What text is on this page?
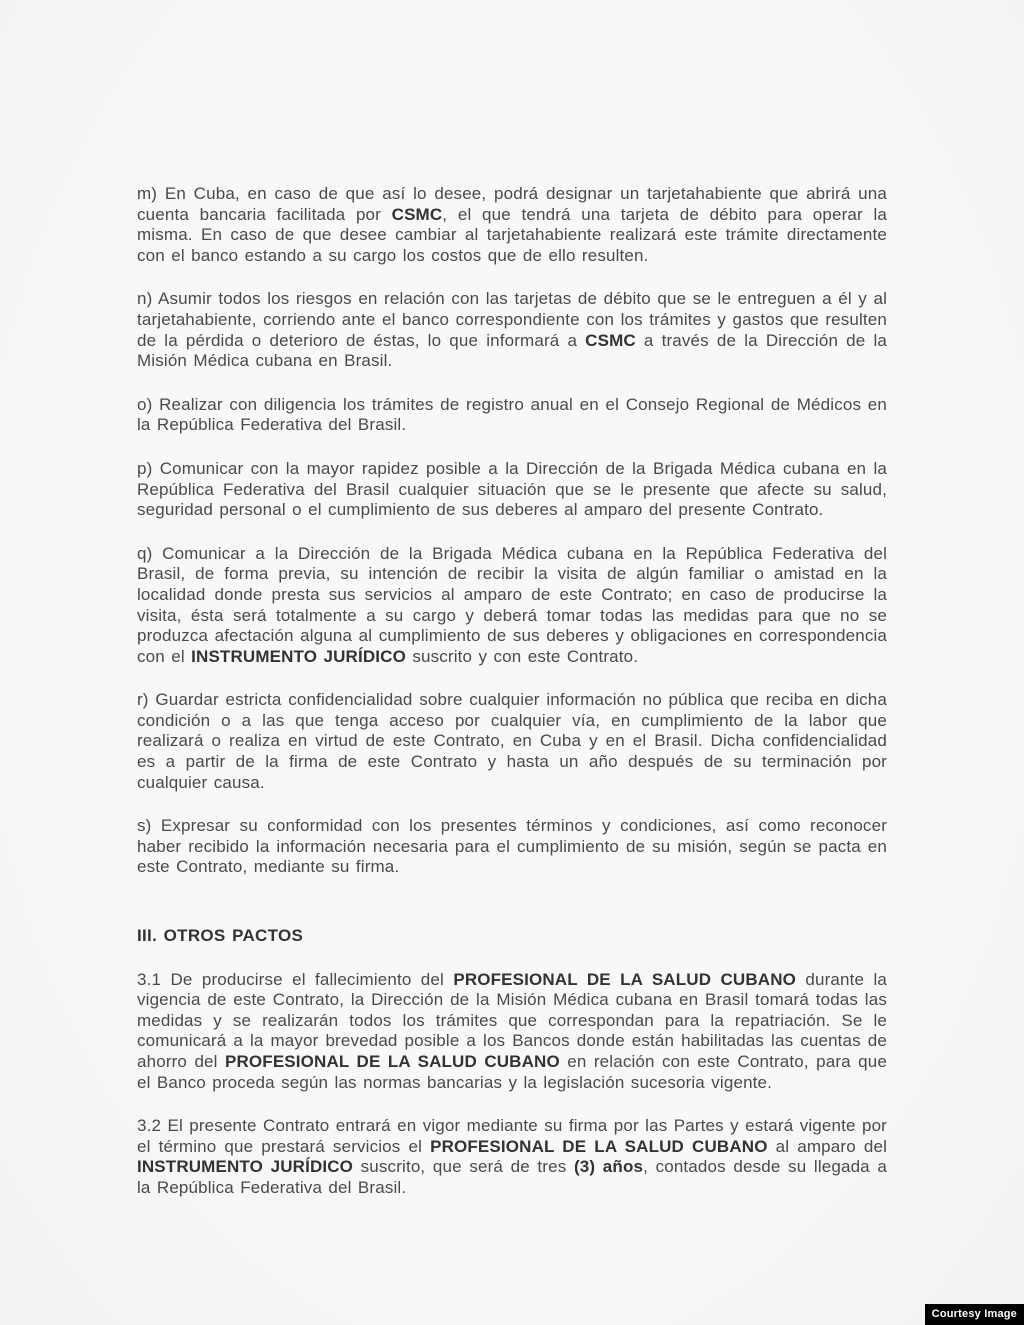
m) En Cuba, en caso de que así lo desee, podrá designar un tarjetahabiente que abrirá una cuenta bancaria facilitada por CSMC, el que tendrá una tarjeta de débito para operar la misma. En caso de que desee cambiar al tarjetahabiente realizará este trámite directamente con el banco estando a su cargo los costos que de ello resulten.
n) Asumir todos los riesgos en relación con las tarjetas de débito que se le entreguen a él y al tarjetahabiente, corriendo ante el banco correspondiente con los trámites y gastos que resulten de la pérdida o deterioro de éstas, lo que informará a CSMC a través de la Dirección de la Misión Médica cubana en Brasil.
o) Realizar con diligencia los trámites de registro anual en el Consejo Regional de Médicos en la República Federativa del Brasil.
p) Comunicar con la mayor rapidez posible a la Dirección de la Brigada Médica cubana en la República Federativa del Brasil cualquier situación que se le presente que afecte su salud, seguridad personal o el cumplimiento de sus deberes al amparo del presente Contrato.
q) Comunicar a la Dirección de la Brigada Médica cubana en la República Federativa del Brasil, de forma previa, su intención de recibir la visita de algún familiar o amistad en la localidad donde presta sus servicios al amparo de este Contrato; en caso de producirse la visita, ésta será totalmente a su cargo y deberá tomar todas las medidas para que no se produzca afectación alguna al cumplimiento de sus deberes y obligaciones en correspondencia con el INSTRUMENTO JURÍDICO suscrito y con este Contrato.
r) Guardar estricta confidencialidad sobre cualquier información no pública que reciba en dicha condición o a las que tenga acceso por cualquier vía, en cumplimiento de la labor que realizará o realiza en virtud de este Contrato, en Cuba y en el Brasil. Dicha confidencialidad es a partir de la firma de este Contrato y hasta un año después de su terminación por cualquier causa.
s) Expresar su conformidad con los presentes términos y condiciones, así como reconocer haber recibido la información necesaria para el cumplimiento de su misión, según se pacta en este Contrato, mediante su firma.
III. OTROS PACTOS
3.1 De producirse el fallecimiento del PROFESIONAL DE LA SALUD CUBANO durante la vigencia de este Contrato, la Dirección de la Misión Médica cubana en Brasil tomará todas las medidas y se realizarán todos los trámites que correspondan para la repatriación. Se le comunicará a la mayor brevedad posible a los Bancos donde están habilitadas las cuentas de ahorro del PROFESIONAL DE LA SALUD CUBANO en relación con este Contrato, para que el Banco proceda según las normas bancarias y la legislación sucesoria vigente.
3.2 El presente Contrato entrará en vigor mediante su firma por las Partes y estará vigente por el término que prestará servicios el PROFESIONAL DE LA SALUD CUBANO al amparo del INSTRUMENTO JURÍDICO suscrito, que será de tres (3) años, contados desde su llegada a la República Federativa del Brasil.
Courtesy Image
